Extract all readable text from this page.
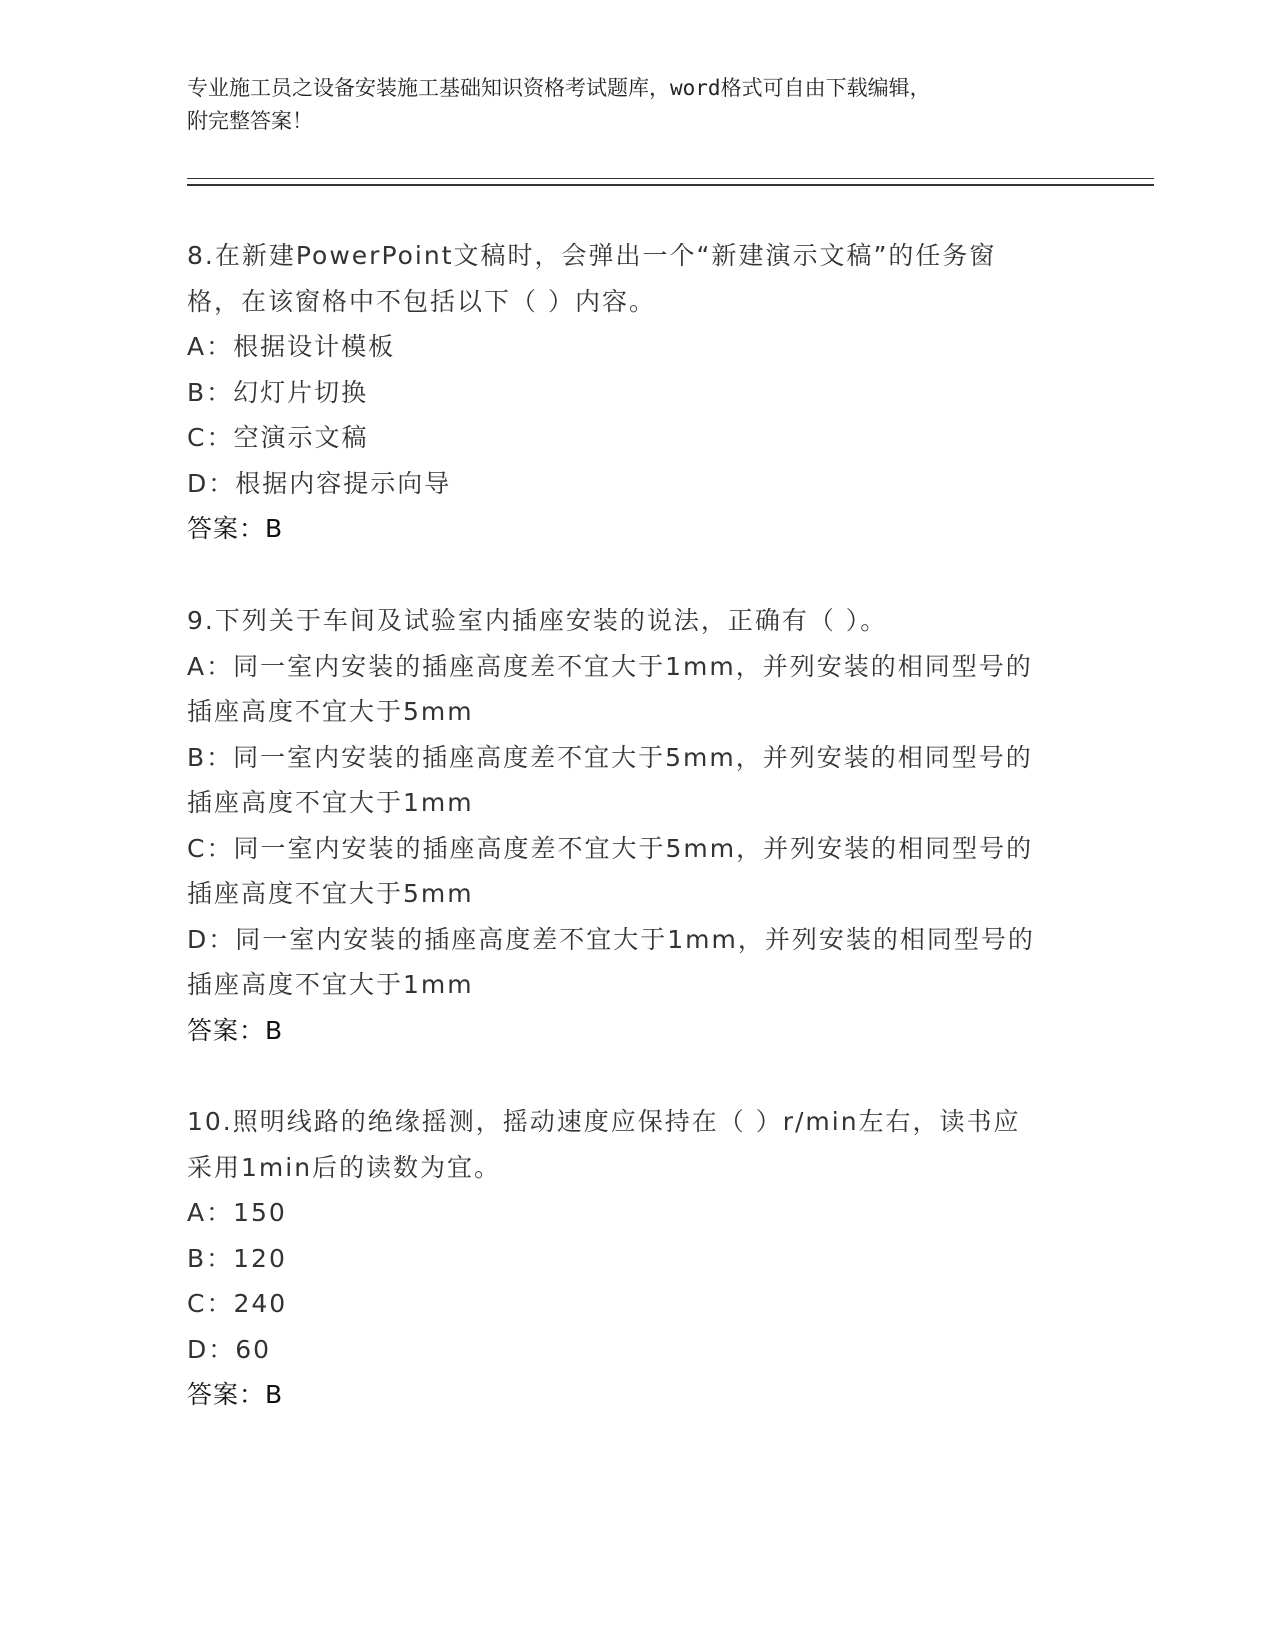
专业施工员之设备安装施工基础知识资格考试题库，word格式可自由下载编辑，
附完整答案！
8.在新建PowerPoint文稿时，会弹出一个“新建演示文稿”的任务窗
格，在该窗格中不包括以下（ ）内容。
A：根据设计模板
B：幻灯片切换
C：空演示文稿
D：根据内容提示向导
答案：B
9.下列关于车间及试验室内插座安装的说法，正确有（ ）。
A：同一室内安装的插座高度差不宜大于1mm，并列安装的相同型号的
插座高度不宜大于5mm
B：同一室内安装的插座高度差不宜大于5mm，并列安装的相同型号的
插座高度不宜大于1mm
C：同一室内安装的插座高度差不宜大于5mm，并列安装的相同型号的
插座高度不宜大于5mm
D：同一室内安装的插座高度差不宜大于1mm，并列安装的相同型号的
插座高度不宜大于1mm
答案：B
10.照明线路的绝缘摇测，摇动速度应保持在（ ）r/min左右，读书应
采用1min后的读数为宜。
A：150
B：120
C：240
D：60
答案：B
